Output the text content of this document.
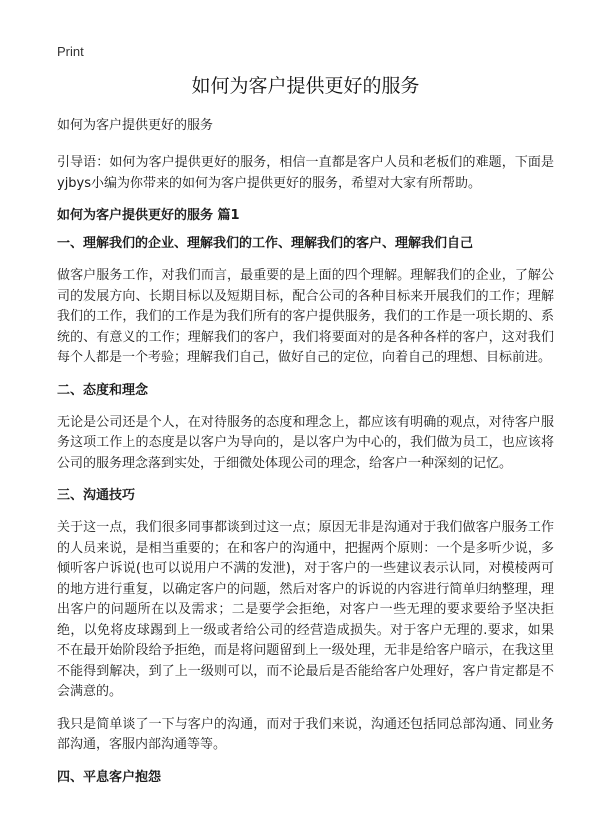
Print
如何为客户提供更好的服务
如何为客户提供更好的服务

引导语：如何为客户提供更好的服务，相信一直都是客户人员和老板们的难题，下面是yjbys小编为你带来的如何为客户提供更好的服务，希望对大家有所帮助。

如何为客户提供更好的服务 篇1
一、理解我们的企业、理解我们的工作、理解我们的客户、理解我们自己

做客户服务工作，对我们而言，最重要的是上面的四个理解。理解我们的企业，了解公司的发展方向、长期目标以及短期目标，配合公司的各种目标来开展我们的工作；理解我们的工作，我们的工作是为我们所有的客户提供服务，我们的工作是一项长期的、系统的、有意义的工作；理解我们的客户，我们将要面对的是各种各样的客户，这对我们每个人都是一个考验；理解我们自己，做好自己的定位，向着自己的理想、目标前进。

二、态度和理念

无论是公司还是个人，在对待服务的态度和理念上，都应该有明确的观点，对待客户服务这项工作上的态度是以客户为导向的，是以客户为中心的，我们做为员工，也应该将公司的服务理念落到实处，于细微处体现公司的理念，给客户一种深刻的记忆。

三、沟通技巧

关于这一点，我们很多同事都谈到过这一点；原因无非是沟通对于我们做客户服务工作的人员来说，是相当重要的；在和客户的沟通中，把握两个原则：一个是多听少说，多倾听客户诉说(也可以说用户不满的发泄)，对于客户的一些建议表示认同，对模棱两可的地方进行重复，以确定客户的问题，然后对客户的诉说的内容进行简单归纳整理，理出客户的问题所在以及需求；二是要学会拒绝，对客户一些无理的要求要给予坚决拒绝，以免将皮球踢到上一级或者给公司的经营造成损失。对于客户无理的.要求，如果不在最开始阶段给予拒绝，而是将问题留到上一级处理，无非是给客户暗示，在我这里不能得到解决，到了上一级则可以，而不论最后是否能给客户处理好，客户肯定都是不会满意的。

我只是简单谈了一下与客户的沟通，而对于我们来说，沟通还包括同总部沟通、同业务部沟通，客服内部沟通等等。

四、平息客户抱怨
